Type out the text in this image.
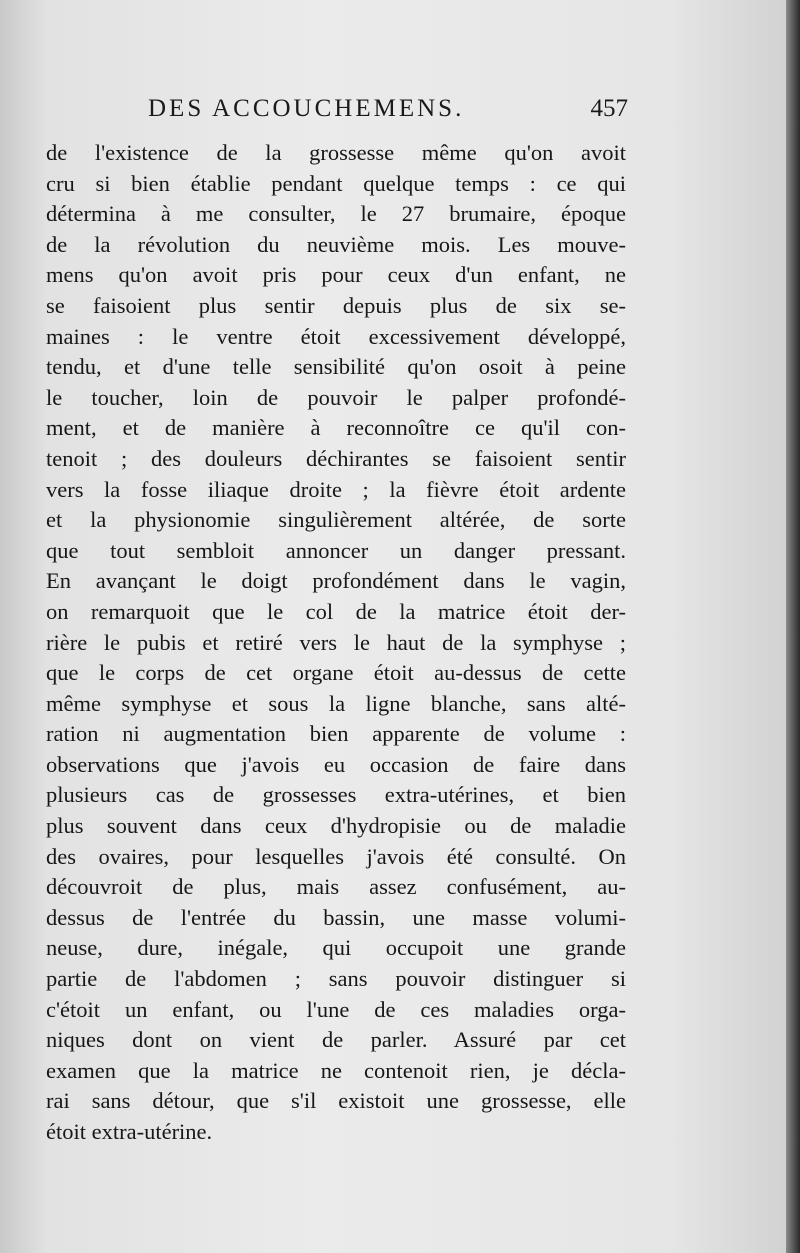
DES ACCOUCHEMENS.	457
de l'existence de la grossesse même qu'on avoit
cru si bien établie pendant quelque temps : ce qui
détermina à me consulter, le 27 brumaire, époque
de la révolution du neuvième mois. Les mouve-
mens qu'on avoit pris pour ceux d'un enfant, ne
se faisoient plus sentir depuis plus de six se-
maines : le ventre étoit excessivement développé,
tendu, et d'une telle sensibilité qu'on osoit à peine
le toucher, loin de pouvoir le palper profondé-
ment, et de manière à reconnoître ce qu'il con-
tenoit ; des douleurs déchirantes se faisoient sentir
vers la fosse iliaque droite ; la fièvre étoit ardente
et la physionomie singulièrement altérée, de sorte
que tout sembloit annoncer un danger pressant.
En avançant le doigt profondément dans le vagin,
on remarquoit que le col de la matrice étoit der-
rière le pubis et retiré vers le haut de la symphyse ;
que le corps de cet organe étoit au-dessus de cette
même symphyse et sous la ligne blanche, sans alté-
ration ni augmentation bien apparente de volume :
observations que j'avois eu occasion de faire dans
plusieurs cas de grossesses extra-utérines, et bien
plus souvent dans ceux d'hydropisie ou de maladie
des ovaires, pour lesquelles j'avois été consulté. On
découvroit de plus, mais assez confusément, au-
dessus de l'entrée du bassin, une masse volumi-
neuse, dure, inégale, qui occupoit une grande
partie de l'abdomen ; sans pouvoir distinguer si
c'étoit un enfant, ou l'une de ces maladies orga-
niques dont on vient de parler. Assuré par cet
examen que la matrice ne contenoit rien, je décla-
rai sans détour, que s'il existoit une grossesse, elle
étoit extra-utérine.
